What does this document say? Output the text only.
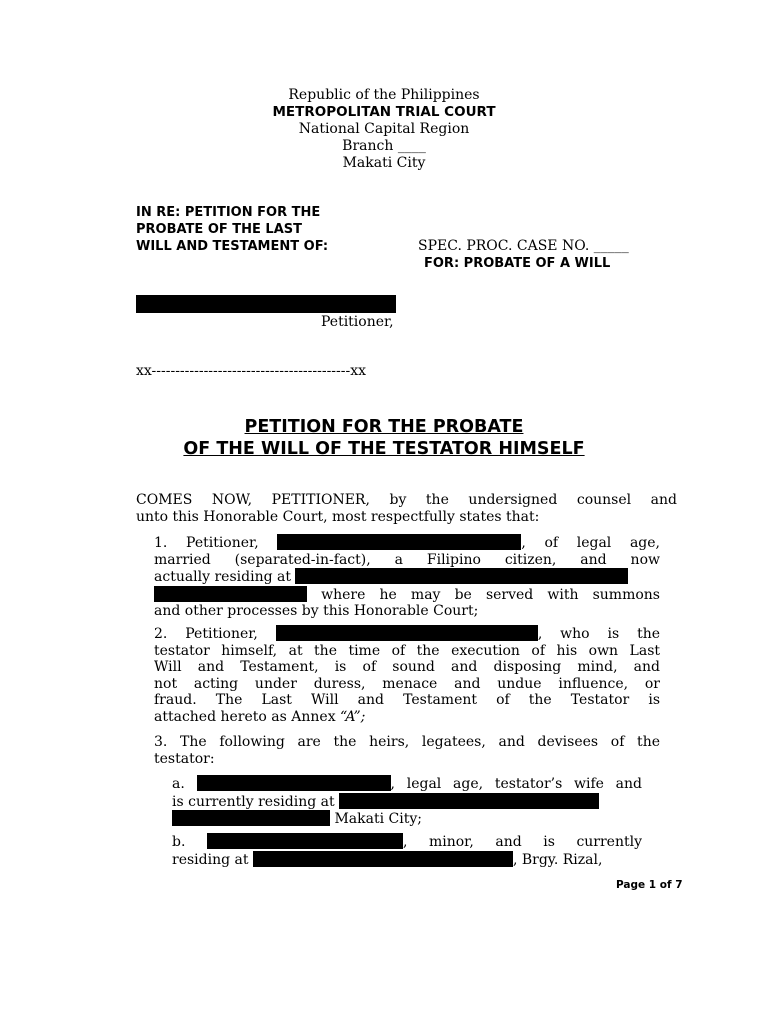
Republic of the Philippines
METROPOLITAN TRIAL COURT
National Capital Region
Branch ____
Makati City
IN RE: PETITION FOR THE
PROBATE OF THE LAST
WILL AND TESTAMENT OF:	SPEC. PROC. CASE NO. _____
FOR: PROBATE OF A WILL
Petitioner,
xx------------------------------------------xx
PETITION FOR THE PROBATE
OF THE WILL OF THE TESTATOR HIMSELF
COMES NOW, PETITIONER, by the undersigned counsel and
unto this Honorable Court, most respectfully states that:
1. Petitioner,	, of legal age,
married (separated-in-fact), a Filipino citizen, and now
actually residing at
where he may be served with summons
and other processes by this Honorable Court;
2. Petitioner,	, who is the
testator himself, at the time of the execution of his own Last
Will and Testament, is of sound and disposing mind, and
not acting under duress, menace and undue influence, or
fraud. The Last Will and Testament of the Testator is
attached hereto as Annex “A”;
3. The following are the heirs, legatees, and devisees of the
testator:
a.	, legal age, testator’s wife and
is currently residing at
Makati City;
b.	, minor, and is currently
residing at	, Brgy. Rizal,
Page 1 of 7
